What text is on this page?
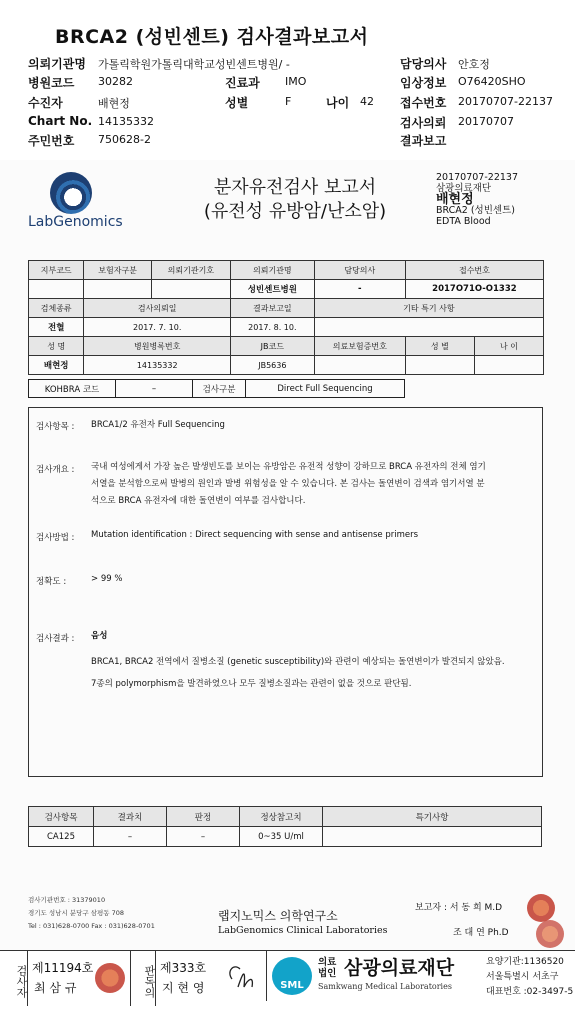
BRCA2 (성빈센트) 검사결과보고서
의뢰기관명 가톨릭학원가톨릭대학교성빈센트병원/ -	담당의사 안호정
병원코드 30282	진료과 IMO	임상정보 O76420SHO
수진자	배현정	성별	F	나이 42 접수번호 20170707-22137
Chart No. 14135332	검사의뢰 20170707
주민번호 750628-2	결과보고
LabGenomics
분자유전검사 보고서
(유전성 유방암/난소암)
20170707-22137
삼광의료재단
배현정
BRCA2 (성빈센트)
EDTA Blood
지부코드	보험자구분	의뢰기관기호	의뢰기관명	담당의사	접수번호	
			성빈센트병원	-	2017O71O-O1332	
검체종류	검사의뢰일		결과보고일	기타 특기 사항		
전혈	2017. 7. 10.		2017. 8. 10.			
성 명	병원병록번호		JB코드	의료보험증번호	성 별	나 이
배현정	14135332		JB5636			
KOHBRA 코드	–	검사구분	Direct Full Sequencing
검사항목 : BRCA1/2 유전자 Full Sequencing
검사개요 : 국내 여성에게서 가장 높은 발생빈도를 보이는 유방암은 유전적 성향이 강하므로 BRCA 유전자의 전체 염기
서열을 분석함으로써 발병의 원인과 발병 위험성을 알 수 있습니다. 본 검사는 돌연변이 검색과 염기서열 분
석으로 BRCA 유전자에 대한 돌연변이 여부를 검사합니다.
검사방법 : Mutation identification : Direct sequencing with sense and antisense primers
정확도 :	> 99 %
검사결과 : 음성
BRCA1, BRCA2 전역에서 질병소질 (genetic susceptibility)와 관련이 예상되는 돌연변이가 발견되지 않았음.
7종의 polymorphism을 발견하였으나 모두 질병소질과는 관련이 없을 것으로 판단됨.
검사항목	결과치	판정	정상참고치	특기사항
CA125	–	–	0~35 U/ml	
검사기관번호 : 31379010
경기도 성남시 분당구 삼평동 708
Tel : 031)628-0700 Fax : 031)628-0701
랩지노믹스 의학연구소
LabGenomics Clinical Laboratories
보고자 : 서 동 희 M.D
조 대 연 Ph.D
검사자 제11194호
최 삼 규	판독의 제333호
지 현 영	SML
의료법인 삼광의료재단
Samkwang Medical Laboratories
요양기관:1136520
서울특별시 서초구
대표번호 :02-3497-5
